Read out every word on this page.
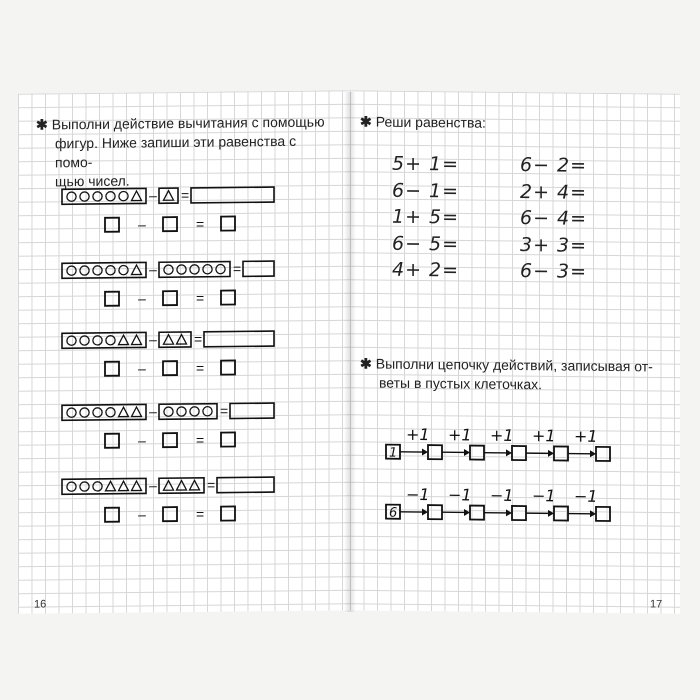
✱ Выполни действие вычитания с помощью
фигур. Ниже запиши эти равенства с помо-
щью чисел.
– =
–	=
–	=
–	=
–	=
–	=
–	=
–	=
–	=
–	=
16
✱ Реши равенства:
5+ 1=
6− 1=
1+ 5=
6− 5=
4+ 2=
6− 2=
2+ 4=
6− 4=
3+ 3=
6− 3=
✱ Выполни цепочку действий, записывая от-
веты в пустых клеточках.
1
+1 +1 +1 +1 +1
6
−1 −1 −1 −1 −1
17
